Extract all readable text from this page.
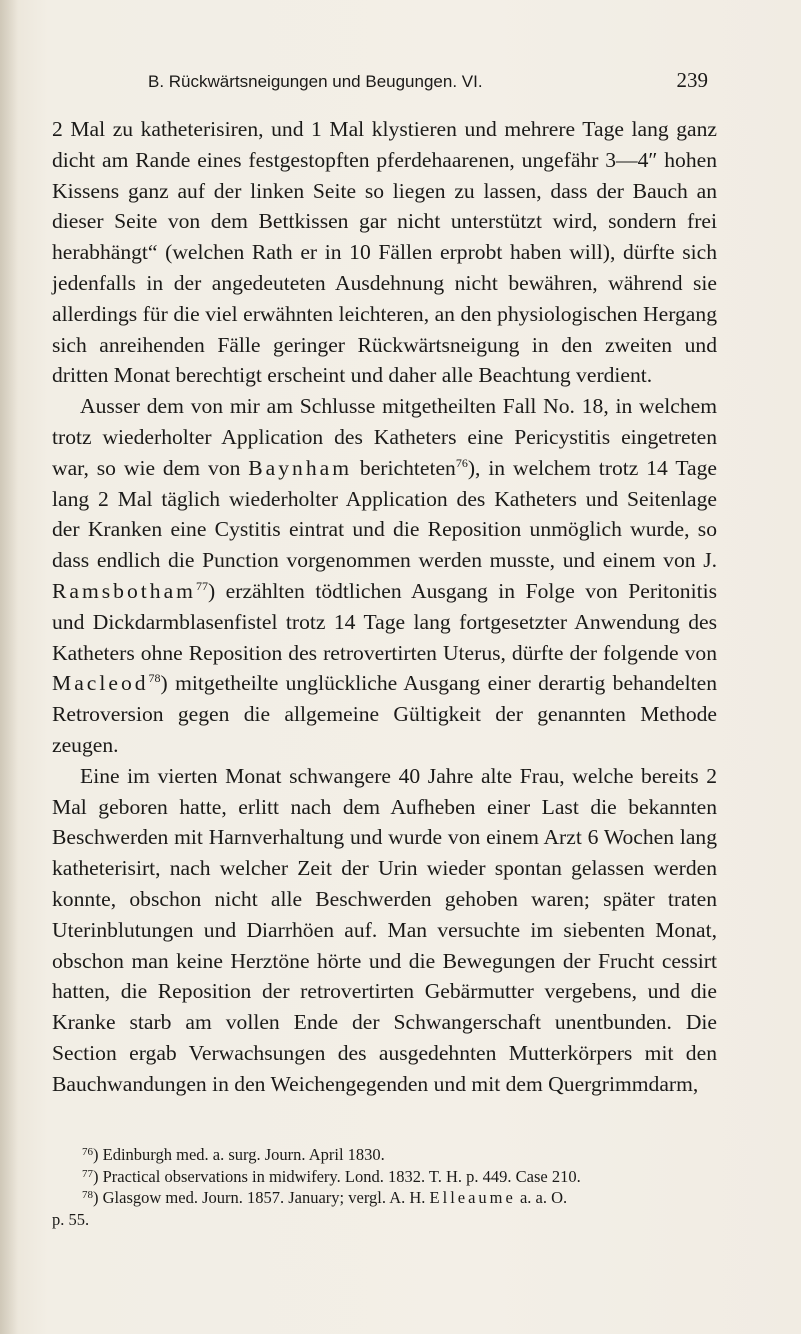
B. Rückwärtsneigungen und Beugungen. VI.	239

2 Mal zu katheterisiren, und 1 Mal klystieren und mehrere Tage lang ganz dicht am Rande eines festgestopften pferdehaarenen, ungefähr 3—4″ hohen Kissens ganz auf der linken Seite so liegen zu lassen, dass der Bauch an dieser Seite von dem Bettkissen gar nicht unterstützt wird, sondern frei herabhängt“ (welchen Rath er in 10 Fällen erprobt haben will), dürfte sich jedenfalls in der angedeuteten Ausdehnung nicht bewähren, während sie allerdings für die viel erwähnten leichteren, an den physiologischen Hergang sich anreihenden Fälle geringer Rückwärtsneigung in den zweiten und dritten Monat berechtigt erscheint und daher alle Beachtung verdient.

Ausser dem von mir am Schlusse mitgetheilten Fall No. 18, in welchem trotz wiederholter Application des Katheters eine Pericystitis eingetreten war, so wie dem von Baynham berichteten$^{76}$), in welchem trotz 14 Tage lang 2 Mal täglich wiederholter Application des Katheters und Seitenlage der Kranken eine Cystitis eintrat und die Reposition unmöglich wurde, so dass endlich die Punction vorgenommen werden musste, und einem von J. Ramsbotham$^{77}$) erzählten tödtlichen Ausgang in Folge von Peritonitis und Dickdarmblasenfistel trotz 14 Tage lang fortgesetzter Anwendung des Katheters ohne Reposition des retrovertirten Uterus, dürfte der folgende von Macleod$^{78}$) mitgetheilte unglückliche Ausgang einer derartig behandelten Retroversion gegen die allgemeine Gültigkeit der genannten Methode zeugen.

Eine im vierten Monat schwangere 40 Jahre alte Frau, welche bereits 2 Mal geboren hatte, erlitt nach dem Aufheben einer Last die bekannten Beschwerden mit Harnverhaltung und wurde von einem Arzt 6 Wochen lang katheterisirt, nach welcher Zeit der Urin wieder spontan gelassen werden konnte, obschon nicht alle Beschwerden gehoben waren; später traten Uterinblutungen und Diarrhöen auf. Man versuchte im siebenten Monat, obschon man keine Herztöne hörte und die Bewegungen der Frucht cessirt hatten, die Reposition der retrovertirten Gebärmutter vergebens, und die Kranke starb am vollen Ende der Schwangerschaft unentbunden. Die Section ergab Verwachsungen des ausgedehnten Mutterkörpers mit den Bauchwandungen in den Weichengegenden und mit dem Quergrimmdarm,

$^{76}$) Edinburgh med. a. surg. Journ. April 1830.

$^{77}$) Practical observations in midwifery. Lond. 1832. T. H. p. 449. Case 210.

$^{78}$) Glasgow med. Journ. 1857. January; vergl. A. H. Elleaume a. a. O.

p. 55.
